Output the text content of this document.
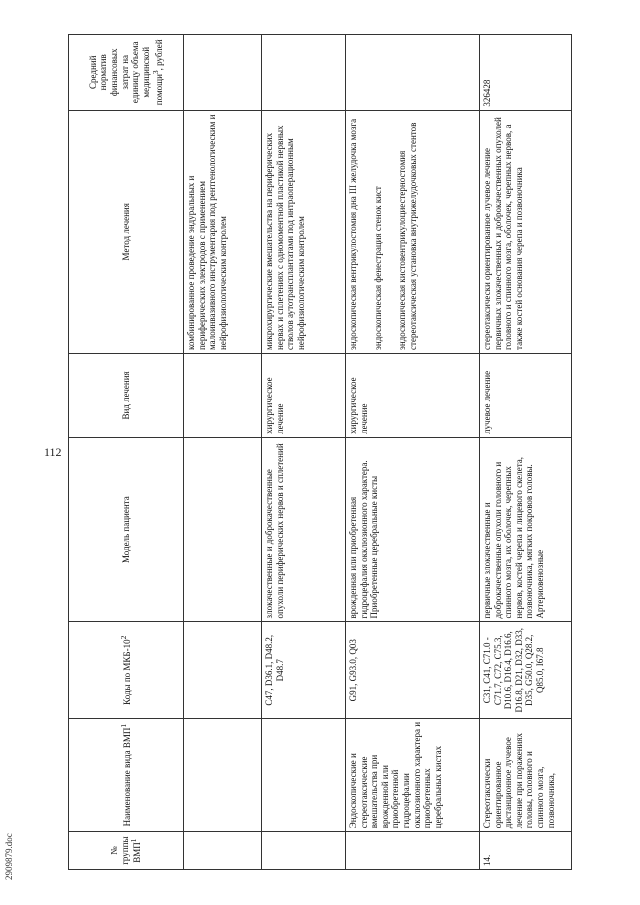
112
№ группы ВМП$^1$	Наименование вида ВМП$^1$	Коды по МКБ-$10^2$	Модель пациента	Вид лечения	Метод лечения	Средний норматив финансовых затрат на единицу объема медицинской помощи$^3$, рублей
					комбинированное проведение эндуральных и периферических электродов с применением малоинвазивного инструментария под рентгенологическим и нейрофизиологическим контролем	
		C47, D36.1, D48.2, D48.7	злокачественные и доброкачественные опухоли периферических нервов и сплетений	хирургическое лечение	микрохирургические вмешательства на периферических нервах и сплетениях с одномоментной пластикой нервных стволов аутотрансплантатами под интраоперационным нейрофизиологическим контролем	
	Эндоскопические и стереотаксические вмешательства при врожденной или приобретенной гидроцефалии окклюзионного характера и приобретенных церебральных кистах	G91, G93.0, Q03	врожденная или приобретенная гидроцефалия окклюзионного характера. Приобретенные церебральные кисты	хирургическое лечение	эндоскопическая вентрикулостомия дна III желудочка мозга эндоскопическая фенестрация стенок кист эндоскопическая кистовентрикулоциестерностомия стереотаксическая установка внутрижелудочковых стентов	

14.	Стереотаксически ориентированное дистанционное лучевое лечение при поражениях головы, головного и спинного мозга, позвоночника,	C31, C41, C71.0 - C71.7, C72, C75.3, D10.6, D16.4, D16.6, D16.8, D21, D32, D33, D35, G50.0, Q28.2, Q85.0, I67.8	первичные злокачественные и доброкачественные опухоли головного и спинного мозга, их оболочек, черепных нервов, костей черепа и лицевого скелета, позвоночника, мягких покровов головы. Артериовенозные	лучевое лечение	стереотаксически ориентированное лучевое лечение первичных злокачественных и доброкачественных опухолей головного и спинного мозга, оболочек, черепных нервов, а также костей основания черепа и позвоночника	326428
2909879.doc
